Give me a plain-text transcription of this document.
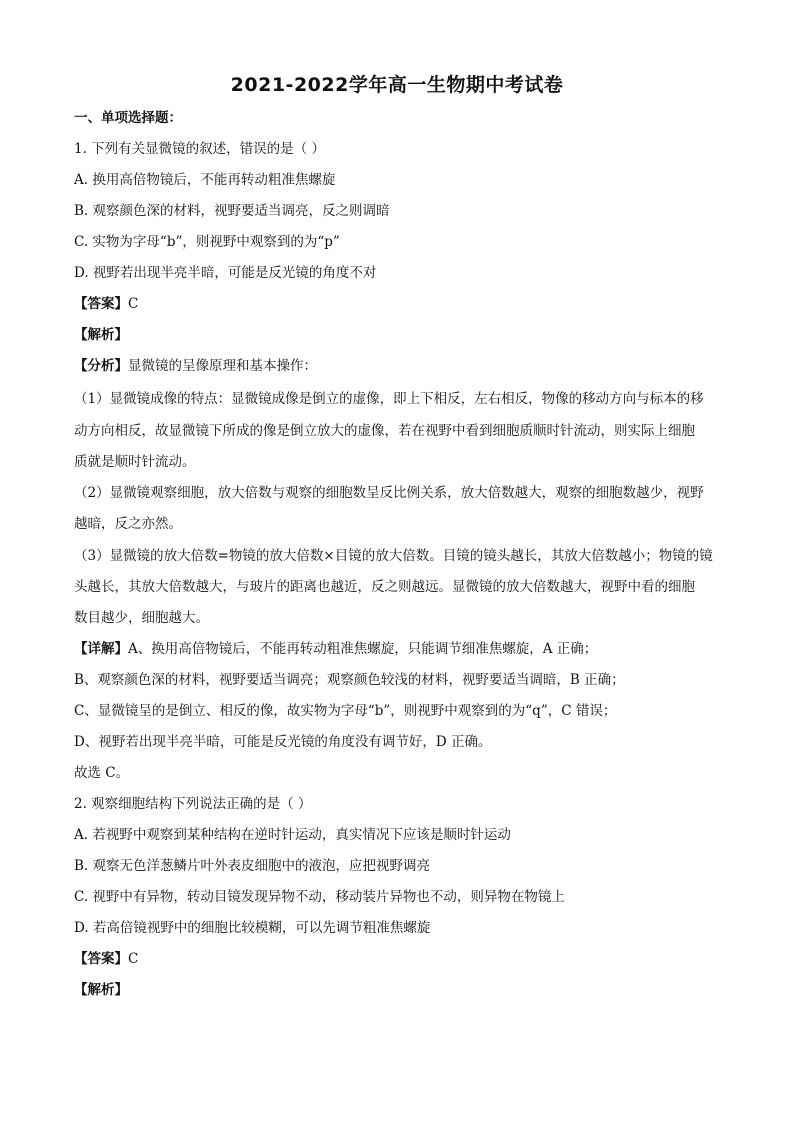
2021-2022学年高一生物期中考试卷
一、单项选择题：
1. 下列有关显微镜的叙述，错误的是（ ）
A. 换用高倍物镜后，不能再转动粗准焦螺旋
B. 观察颜色深的材料，视野要适当调亮，反之则调暗
C. 实物为字母“b”，则视野中观察到的为“p”
D. 视野若出现半亮半暗，可能是反光镜的角度不对
【答案】C
【解析】
【分析】显微镜的呈像原理和基本操作：
（1）显微镜成像的特点：显微镜成像是倒立的虚像，即上下相反，左右相反，物像的移动方向与标本的移
动方向相反，故显微镜下所成的像是倒立放大的虚像，若在视野中看到细胞质顺时针流动，则实际上细胞
质就是顺时针流动。
（2）显微镜观察细胞，放大倍数与观察的细胞数呈反比例关系，放大倍数越大，观察的细胞数越少，视野
越暗，反之亦然。
（3）显微镜的放大倍数=物镜的放大倍数×目镜的放大倍数。目镜的镜头越长，其放大倍数越小；物镜的镜
头越长，其放大倍数越大，与玻片的距离也越近，反之则越远。显微镜的放大倍数越大，视野中看的细胞
数目越少，细胞越大。
【详解】A、换用高倍物镜后，不能再转动粗准焦螺旋，只能调节细准焦螺旋，A 正确；
B、观察颜色深的材料，视野要适当调亮；观察颜色较浅的材料，视野要适当调暗，B 正确；
C、显微镜呈的是倒立、相反的像，故实物为字母“b”，则视野中观察到的为“q”，C 错误；
D、视野若出现半亮半暗，可能是反光镜的角度没有调节好，D 正确。
故选 C。
2. 观察细胞结构下列说法正确的是（ ）
A. 若视野中观察到某种结构在逆时针运动，真实情况下应该是顺时针运动
B. 观察无色洋葱鳞片叶外表皮细胞中的液泡，应把视野调亮
C. 视野中有异物，转动目镜发现异物不动，移动装片异物也不动，则异物在物镜上
D. 若高倍镜视野中的细胞比较模糊，可以先调节粗准焦螺旋
【答案】C
【解析】
